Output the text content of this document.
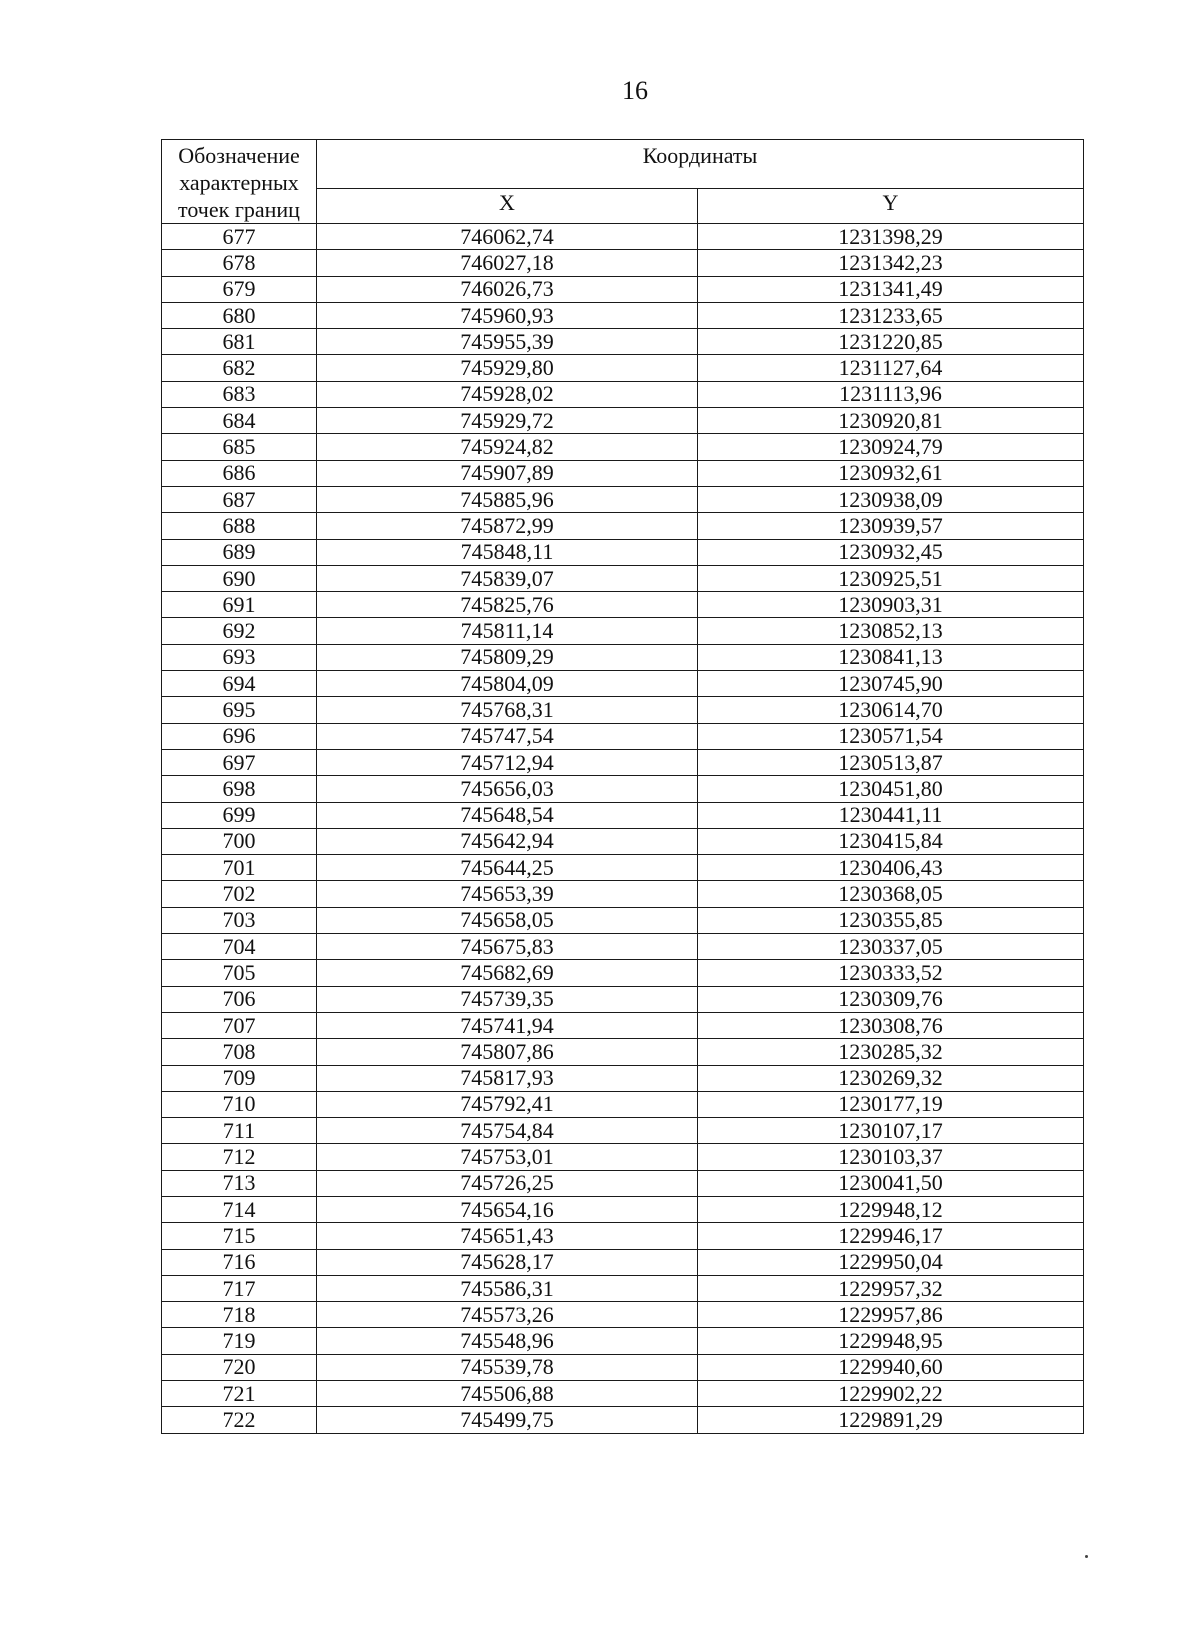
16
Обозначение характерных точек границ	Координаты	
	X	Y
677	746062,74	1231398,29
678	746027,18	1231342,23
679	746026,73	1231341,49
680	745960,93	1231233,65
681	745955,39	1231220,85
682	745929,80	1231127,64
683	745928,02	1231113,96
684	745929,72	1230920,81
685	745924,82	1230924,79
686	745907,89	1230932,61
687	745885,96	1230938,09
688	745872,99	1230939,57
689	745848,11	1230932,45
690	745839,07	1230925,51
691	745825,76	1230903,31
692	745811,14	1230852,13
693	745809,29	1230841,13
694	745804,09	1230745,90
695	745768,31	1230614,70
696	745747,54	1230571,54
697	745712,94	1230513,87
698	745656,03	1230451,80
699	745648,54	1230441,11
700	745642,94	1230415,84
701	745644,25	1230406,43
702	745653,39	1230368,05
703	745658,05	1230355,85
704	745675,83	1230337,05
705	745682,69	1230333,52
706	745739,35	1230309,76
707	745741,94	1230308,76
708	745807,86	1230285,32
709	745817,93	1230269,32
710	745792,41	1230177,19
711	745754,84	1230107,17
712	745753,01	1230103,37
713	745726,25	1230041,50
714	745654,16	1229948,12
715	745651,43	1229946,17
716	745628,17	1229950,04
717	745586,31	1229957,32
718	745573,26	1229957,86
719	745548,96	1229948,95
720	745539,78	1229940,60
721	745506,88	1229902,22
722	745499,75	1229891,29
